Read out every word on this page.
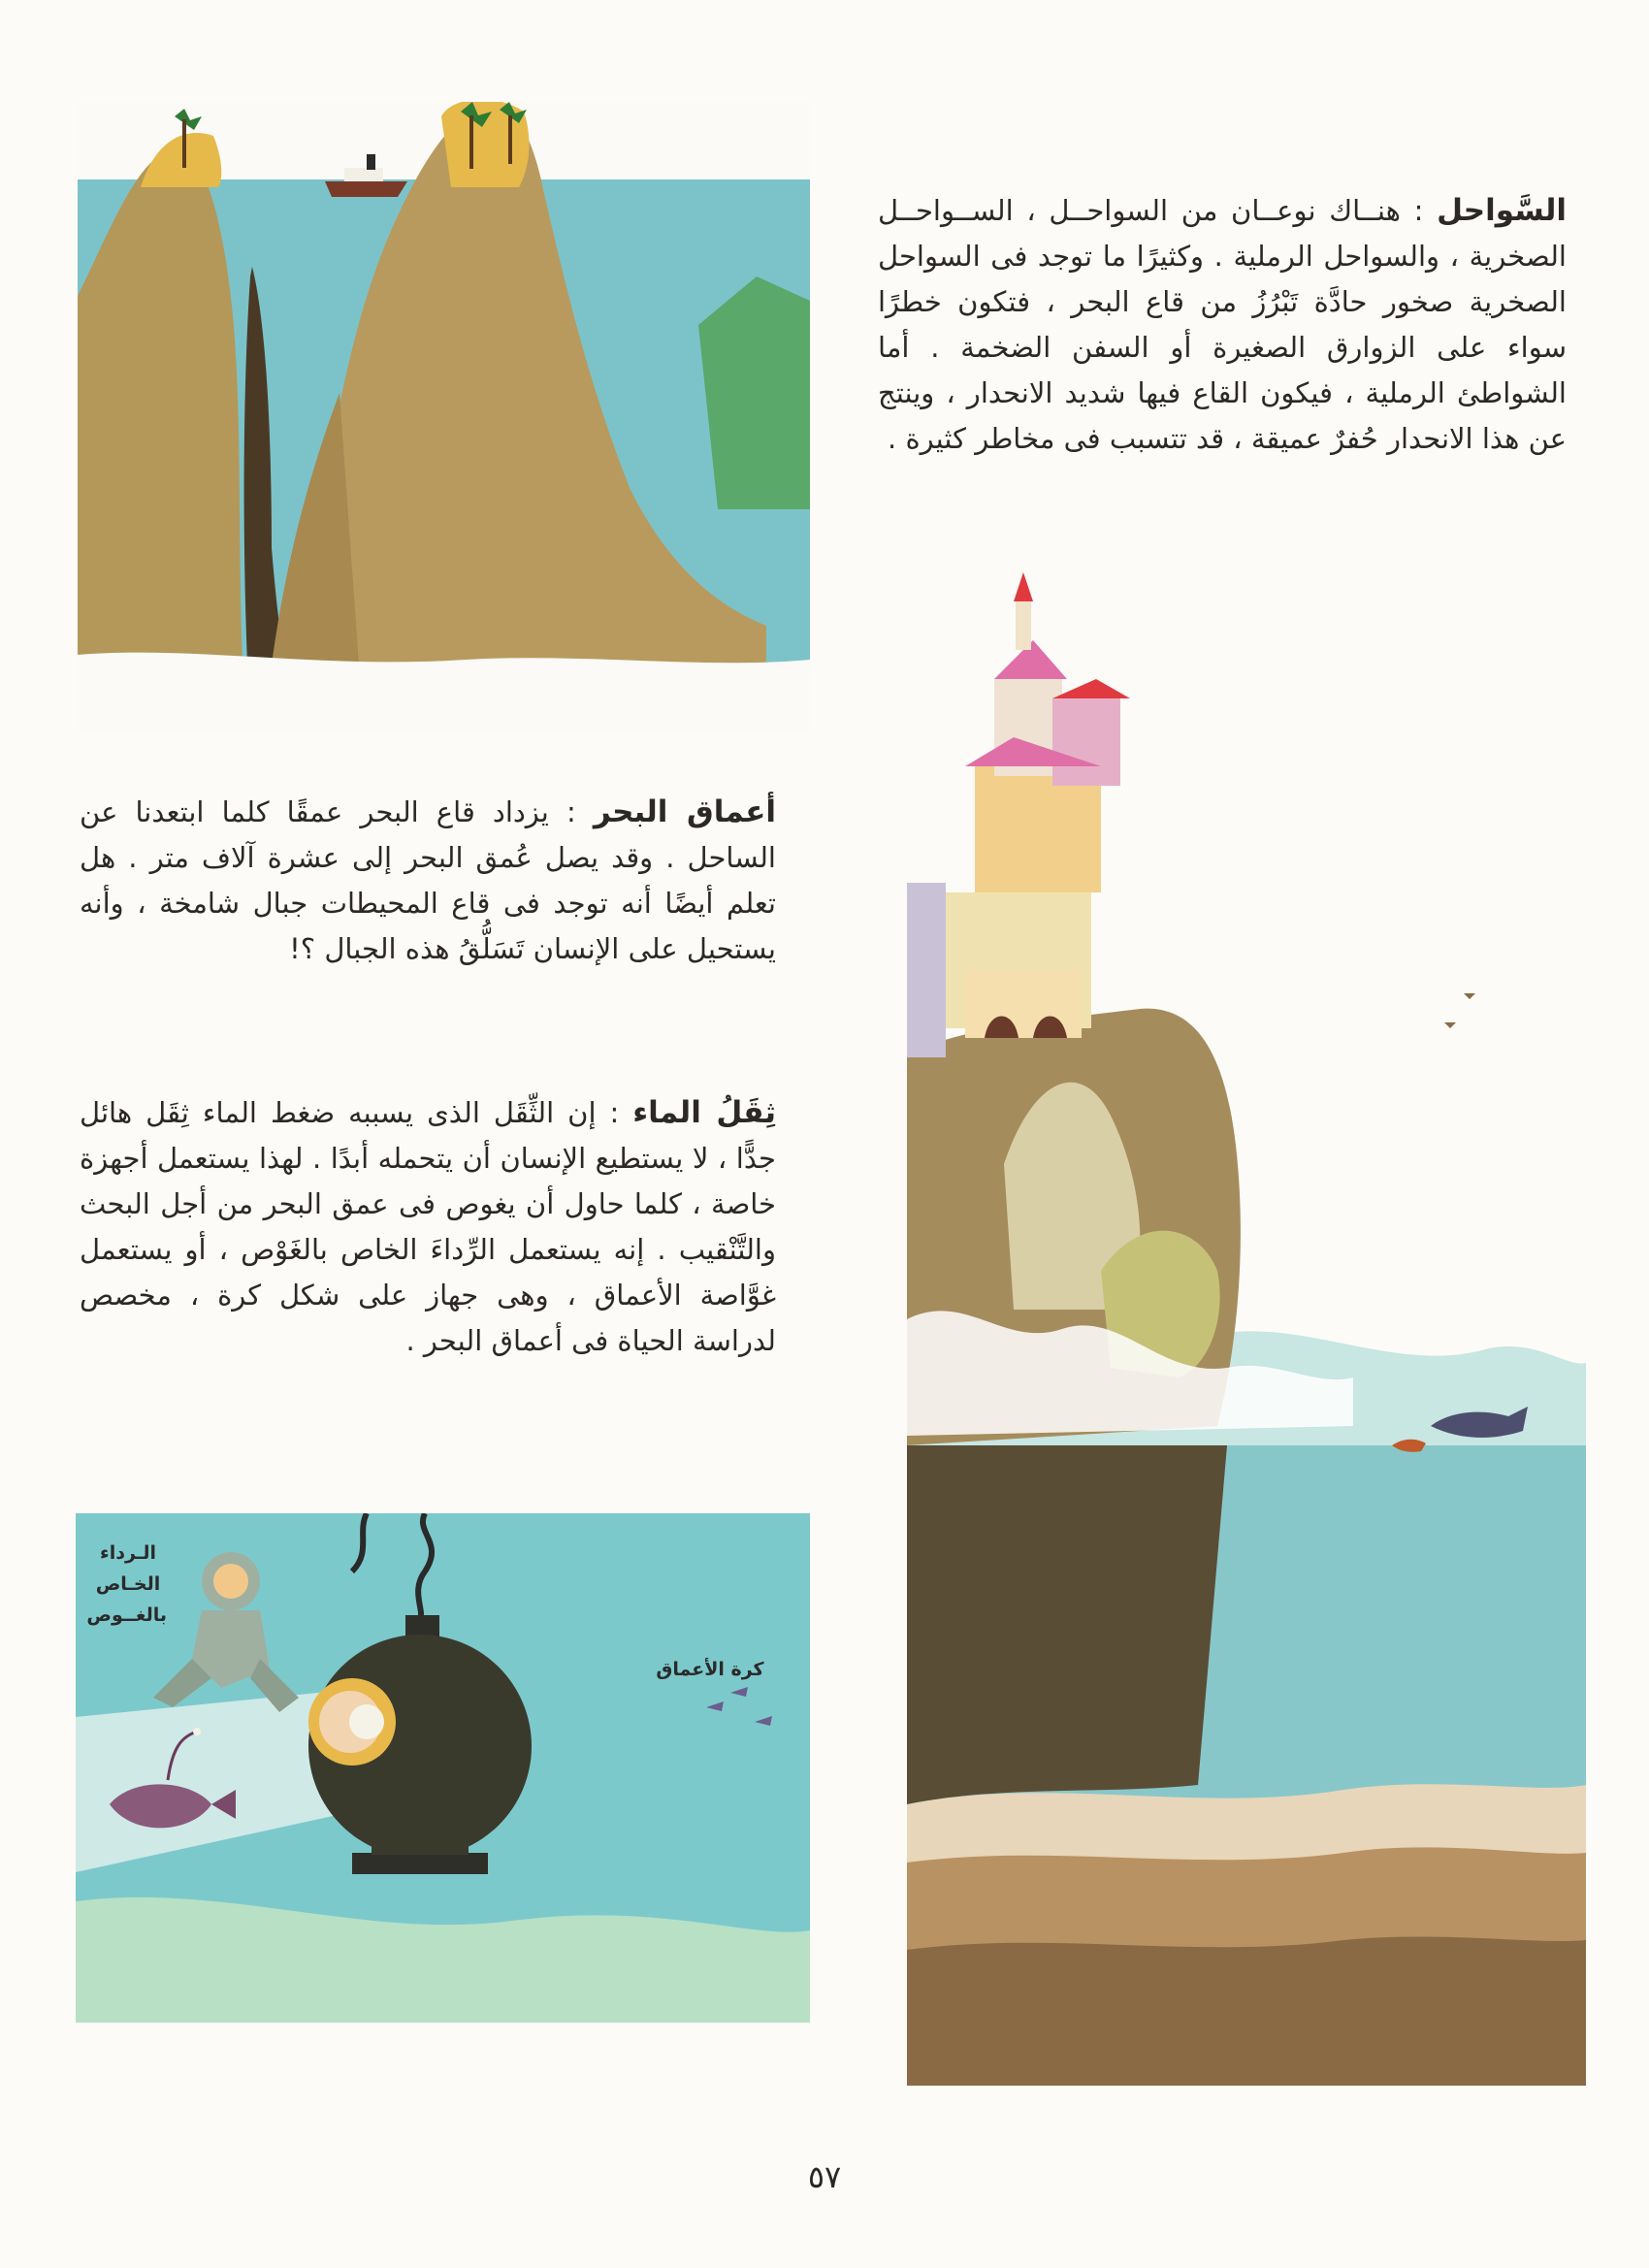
الـرداء
الخـاص
بالغــوص
كرة الأعماق

السَّواحل : هنــاك نوعــان من السواحــل ، الســواحــل الصخرية ، والسواحل الرملية . وكثيرًا ما توجد فى السواحل الصخرية صخور حادَّة تَبْرُزُ من قاع البحر ، فتكون خطرًا سواء على الزوارق الصغيرة أو السفن الضخمة . أما الشواطئ الرملية ، فيكون القاع فيها شديد الانحدار ، وينتج عن هذا الانحدار حُفرٌ عميقة ، قد تتسبب فى مخاطر كثيرة .

أعماق البحر : يزداد قاع البحر عمقًا كلما ابتعدنا عن الساحل . وقد يصل عُمق البحر إلى عشرة آلاف متر . هل تعلم أيضًا أنه توجد فى قاع المحيطات جبال شامخة ، وأنه يستحيل على الإنسان تَسَلُّقُ هذه الجبال ؟!

ثِقَلُ الماء : إن الثِّقَل الذى يسببه ضغط الماء ثِقَل هائل جدًّا ، لا يستطيع الإنسان أن يتحمله أبدًا . لهذا يستعمل أجهزة خاصة ، كلما حاول أن يغوص فى عمق البحر من أجل البحث والتَّنْقيب . إنه يستعمل الرِّداءَ الخاص بالغَوْص ، أو يستعمل غوَّاصة الأعماق ، وهى جهاز على شكل كرة ، مخصص لدراسة الحياة فى أعماق البحر .

٥٧
